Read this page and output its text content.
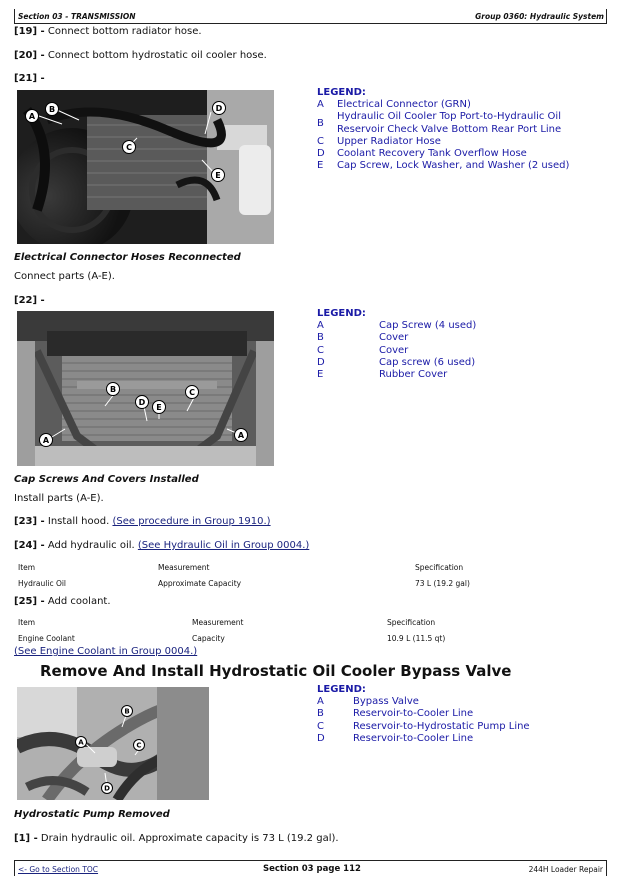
Section 03 - TRANSMISSION	Group 0360: Hydraulic System
[19] - Connect bottom radiator hose.
[20] - Connect bottom hydrostatic oil cooler hose.
[21] -
A
B
C
D
E
LEGEND:
A	Electrical Connector (GRN)
B
Hydraulic Oil Cooler Top Port-to-Hydraulic Oil Reservoir Check Valve Bottom Rear Port Line
C	Upper Radiator Hose
D	Coolant Recovery Tank Overflow Hose
E	Cap Screw, Lock Washer, and Washer (2 used)
Electrical Connector Hoses Reconnected
Connect parts (A-E).
[22] -
B	C
D
E
A
A
LEGEND:
A	Cap Screw (4 used)
B	Cover
C	Cover
D	Cap screw (6 used)
E	Rubber Cover
Cap Screws And Covers Installed
Install parts (A-E).
[23] - Install hood. (See procedure in Group 1910.)
[24] - Add hydraulic oil. (See Hydraulic Oil in Group 0004.)
Item	Measurement	Specification
Hydraulic Oil	Approximate Capacity	73 L (19.2 gal)
[25] - Add coolant.
Item	Measurement	Specification
Engine Coolant	Capacity	10.9 L (11.5 qt)
(See Engine Coolant in Group 0004.)
Remove And Install Hydrostatic Oil Cooler Bypass Valve
A
B
C
D
LEGEND:
A	Bypass Valve
B	Reservoir-to-Cooler Line
C	Reservoir-to-Hydrostatic Pump Line
D	Reservoir-to-Cooler Line
Hydrostatic Pump Removed
[1] - Drain hydraulic oil. Approximate capacity is 73 L (19.2 gal).
<- Go to Section TOC	Section 03 page 112	244H Loader Repair
